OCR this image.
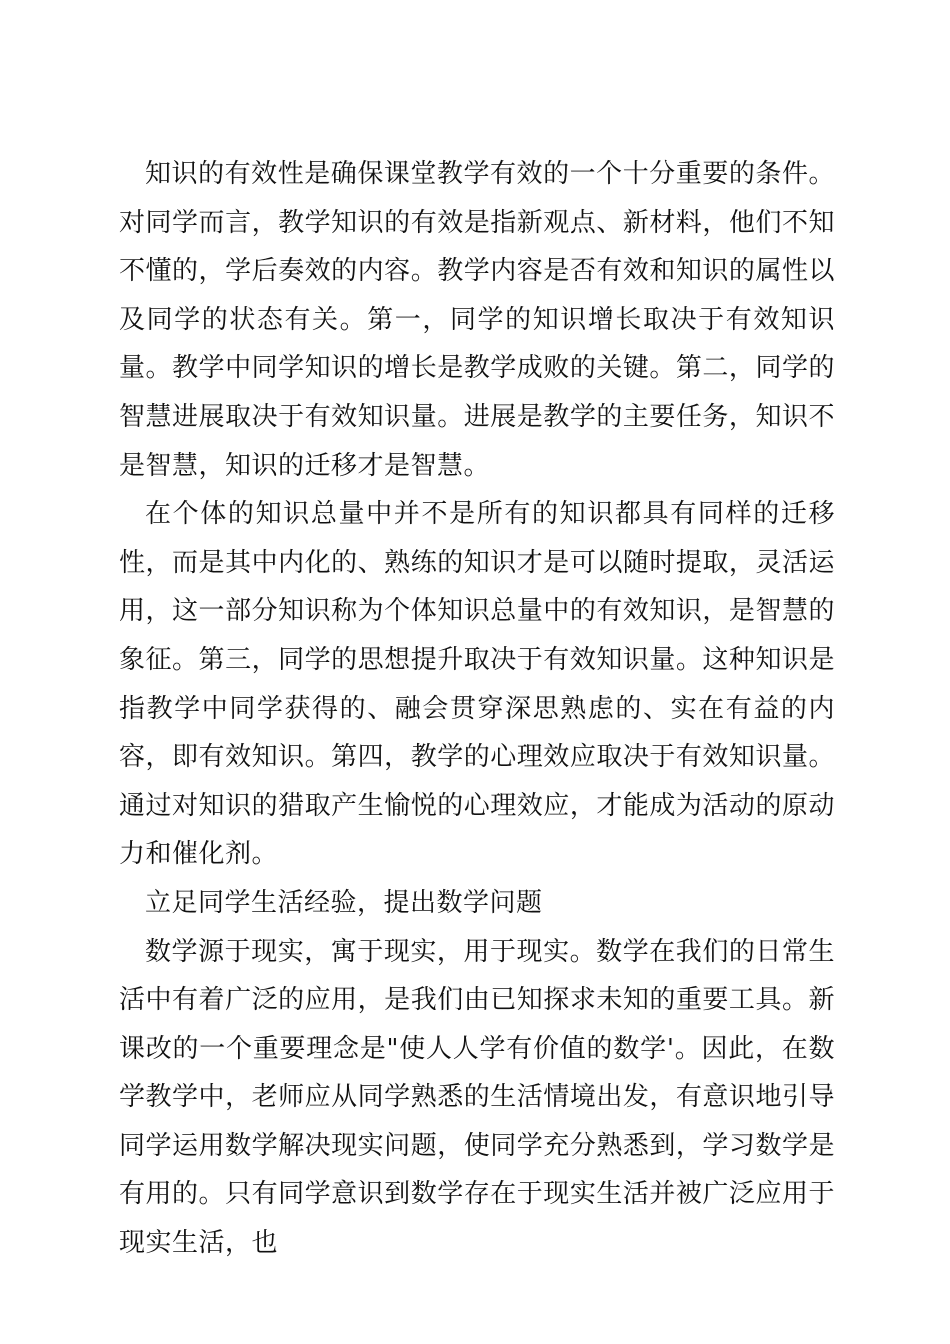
知识的有效性是确保课堂教学有效的一个十分重要的条件。对同学而言，教学知识的有效是指新观点、新材料，他们不知不懂的，学后奏效的内容。教学内容是否有效和知识的属性以及同学的状态有关。第一，同学的知识增长取决于有效知识量。教学中同学知识的增长是教学成败的关键。第二，同学的智慧进展取决于有效知识量。进展是教学的主要任务，知识不是智慧，知识的迁移才是智慧。

在个体的知识总量中并不是所有的知识都具有同样的迁移性，而是其中内化的、熟练的知识才是可以随时提取，灵活运用，这一部分知识称为个体知识总量中的有效知识，是智慧的象征。第三，同学的思想提升取决于有效知识量。这种知识是指教学中同学获得的、融会贯穿深思熟虑的、实在有益的内容，即有效知识。第四，教学的心理效应取决于有效知识量。通过对知识的猎取产生愉悦的心理效应，才能成为活动的原动力和催化剂。

立足同学生活经验，提出数学问题

数学源于现实，寓于现实，用于现实。数学在我们的日常生活中有着广泛的应用，是我们由已知探求未知的重要工具。新课改的一个重要理念是"使人人学有价值的数学'。因此，在数学教学中，老师应从同学熟悉的生活情境出发，有意识地引导同学运用数学解决现实问题，使同学充分熟悉到，学习数学是有用的。只有同学意识到数学存在于现实生活并被广泛应用于现实生活，也
